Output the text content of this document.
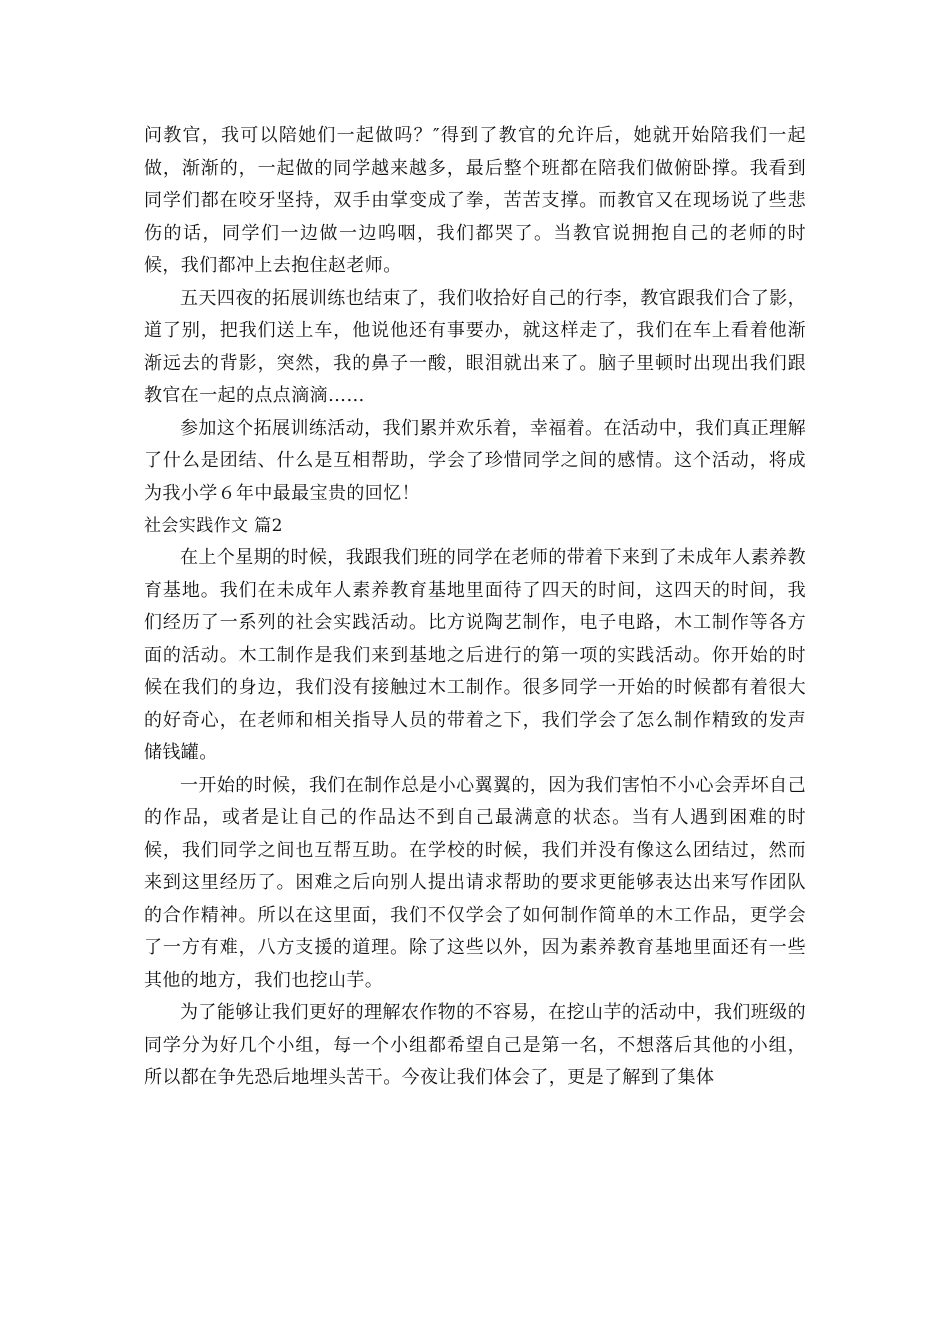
问教官，我可以陪她们一起做吗？″得到了教官的允许后，她就开始陪我们一起做，渐渐的，一起做的同学越来越多，最后整个班都在陪我们做俯卧撑。我看到同学们都在咬牙坚持，双手由掌变成了拳，苦苦支撑。而教官又在现场说了些悲伤的话，同学们一边做一边呜咽，我们都哭了。当教官说拥抱自己的老师的时候，我们都冲上去抱住赵老师。

五天四夜的拓展训练也结束了，我们收拾好自己的行李，教官跟我们合了影，道了别，把我们送上车，他说他还有事要办，就这样走了，我们在车上看着他渐渐远去的背影，突然，我的鼻子一酸，眼泪就出来了。脑子里顿时出现出我们跟教官在一起的点点滴滴……

参加这个拓展训练活动，我们累并欢乐着，幸福着。在活动中，我们真正理解了什么是团结、什么是互相帮助，学会了珍惜同学之间的感情。这个活动，将成为我小学６年中最最宝贵的回忆！

社会实践作文 篇2

在上个星期的时候，我跟我们班的同学在老师的带着下来到了未成年人素养教育基地。我们在未成年人素养教育基地里面待了四天的时间，这四天的时间，我们经历了一系列的社会实践活动。比方说陶艺制作，电子电路，木工制作等各方面的活动。木工制作是我们来到基地之后进行的第一项的实践活动。你开始的时候在我们的身边，我们没有接触过木工制作。很多同学一开始的时候都有着很大的好奇心，在老师和相关指导人员的带着之下，我们学会了怎么制作精致的发声储钱罐。

一开始的时候，我们在制作总是小心翼翼的，因为我们害怕不小心会弄坏自己的作品，或者是让自己的作品达不到自己最满意的状态。当有人遇到困难的时候，我们同学之间也互帮互助。在学校的时候，我们并没有像这么团结过，然而来到这里经历了。困难之后向别人提出请求帮助的要求更能够表达出来写作团队的合作精神。所以在这里面，我们不仅学会了如何制作简单的木工作品，更学会了一方有难，八方支援的道理。除了这些以外，因为素养教育基地里面还有一些其他的地方，我们也挖山芋。

为了能够让我们更好的理解农作物的不容易，在挖山芋的活动中，我们班级的同学分为好几个小组，每一个小组都希望自己是第一名，不想落后其他的小组，所以都在争先恐后地埋头苦干。今夜让我们体会了，更是了解到了集体
